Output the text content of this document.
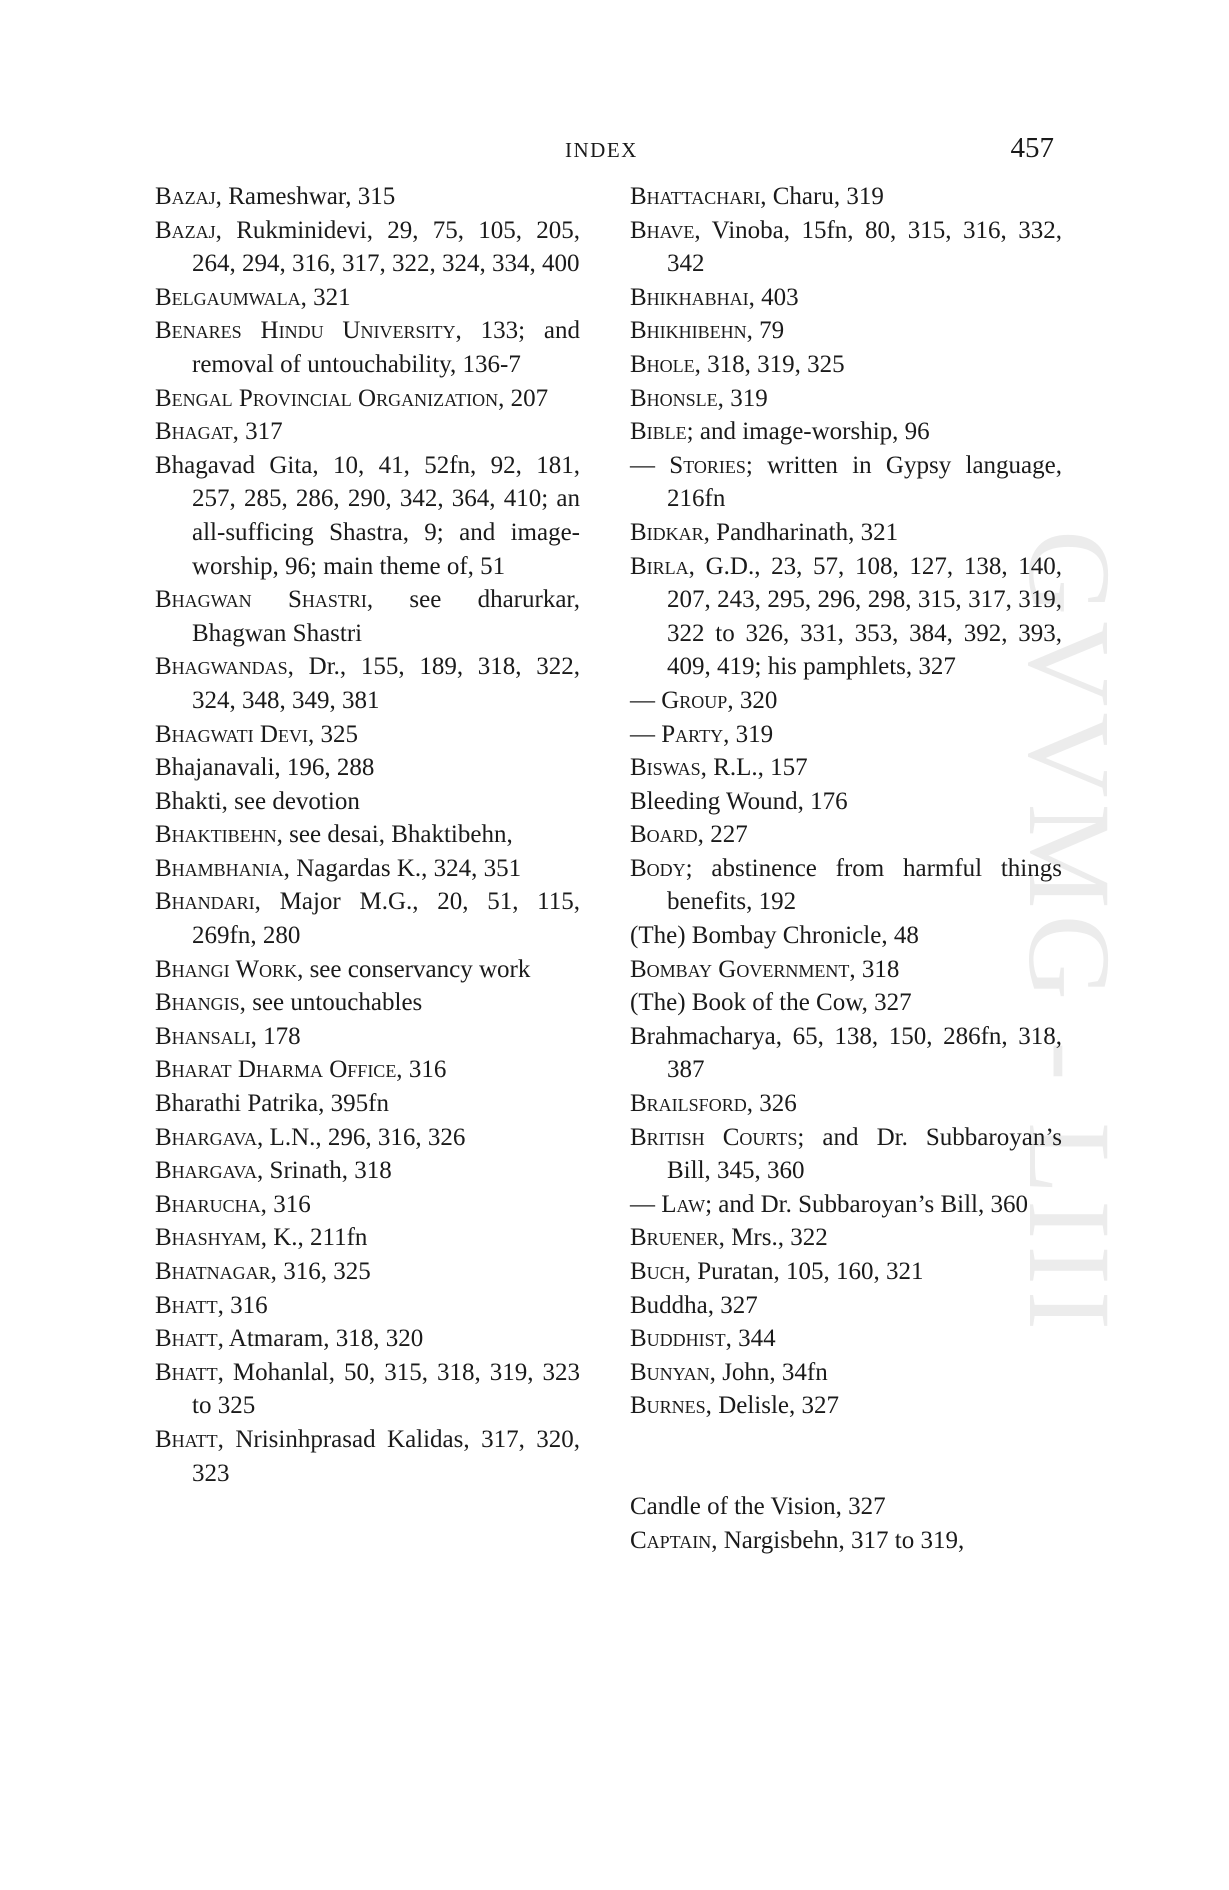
GVVMG - LIII
INDEX	457

Bazaj, Rameshwar, 315

Bazaj, Rukminidevi, 29, 75, 105, 205, 264, 294, 316, 317, 322, 324, 334, 400

Belgaumwala, 321

Benares Hindu University, 133; and removal of untouchability, 136-7

Bengal Provincial Organization, 207

Bhagat, 317

Bhagavad Gita, 10, 41, 52fn, 92, 181, 257, 285, 286, 290, 342, 364, 410; an all-sufficing Shastra, 9; and image-worship, 96; main theme of, 51

Bhagwan Shastri, see dharurkar, Bhagwan Shastri

Bhagwandas, Dr., 155, 189, 318, 322, 324, 348, 349, 381

Bhagwati Devi, 325

Bhajanavali, 196, 288

Bhakti, see devotion

Bhaktibehn, see desai, Bhaktibehn,

Bhambhania, Nagardas K., 324, 351

Bhandari, Major M.G., 20, 51, 115, 269fn, 280

Bhangi Work, see conservancy work

Bhangis, see untouchables

Bhansali, 178

Bharat Dharma Office, 316

Bharathi Patrika, 395fn

Bhargava, L.N., 296, 316, 326

Bhargava, Srinath, 318

Bharucha, 316

Bhashyam, K., 211fn

Bhatnagar, 316, 325

Bhatt, 316

Bhatt, Atmaram, 318, 320

Bhatt, Mohanlal, 50, 315, 318, 319, 323 to 325

Bhatt, Nrisinhprasad Kalidas, 317, 320, 323

Bhattachari, Charu, 319

Bhave, Vinoba, 15fn, 80, 315, 316, 332, 342

Bhikhabhai, 403

Bhikhibehn, 79

Bhole, 318, 319, 325

Bhonsle, 319

Bible; and image-worship, 96

— Stories; written in Gypsy language, 216fn

Bidkar, Pandharinath, 321

Birla, G.D., 23, 57, 108, 127, 138, 140, 207, 243, 295, 296, 298, 315, 317, 319, 322 to 326, 331, 353, 384, 392, 393, 409, 419; his pamphlets, 327

— Group, 320

— Party, 319

Biswas, R.L., 157

Bleeding Wound, 176

Board, 227

Body; abstinence from harmful things benefits, 192

(The) Bombay Chronicle, 48

Bombay Government, 318

(The) Book of the Cow, 327

Brahmacharya, 65, 138, 150, 286fn, 318, 387

Brailsford, 326

British Courts; and Dr. Subbaroyan’s Bill, 345, 360

— Law; and Dr. Subbaroyan’s Bill, 360

Bruener, Mrs., 322

Buch, Puratan, 105, 160, 321

Buddha, 327

Buddhist, 344

Bunyan, John, 34fn

Burnes, Delisle, 327

Candle of the Vision, 327

Captain, Nargisbehn, 317 to 319,
